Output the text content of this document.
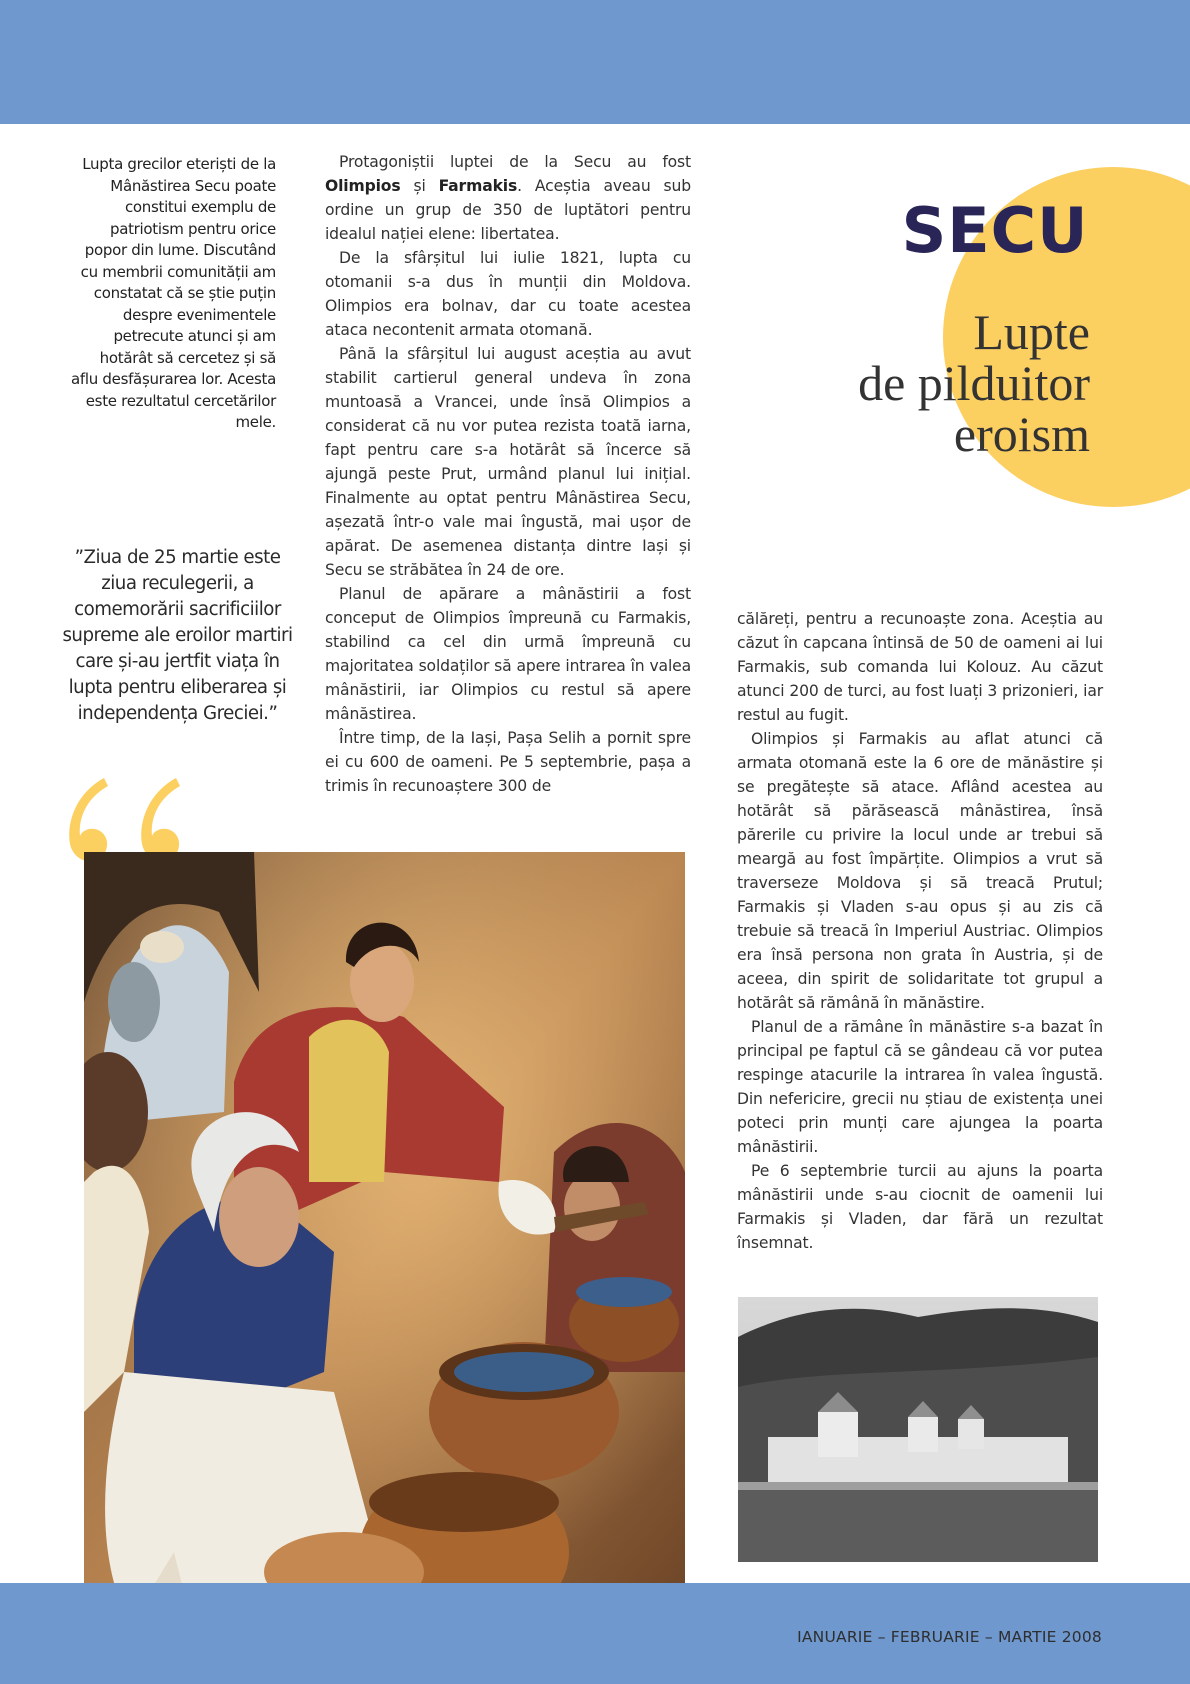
SECU
Lupte
de pilduitor
eroism

Lupta grecilor eteriști de la Mânăstirea Secu poate constitui exemplu de patriotism pentru orice popor din lume. Discutând cu membrii comunității am constatat că se știe puțin despre evenimentele petrecute atunci și am hotărât să cercetez și să aflu desfășurarea lor. Acesta este rezultatul cercetărilor mele.

”Ziua de 25 martie este ziua reculegerii, a comemorării sacrificiilor supreme ale eroilor martiri care și-au jertfit viața în lupta pentru eliberarea și independența Greciei.”

Protagoniștii luptei de la Secu au fost Olimpios și Farmakis. Aceștia aveau sub ordine un grup de 350 de luptători pentru idealul nației elene: libertatea.

De la sfârșitul lui iulie 1821, lupta cu otomanii s-a dus în munții din Moldova. Olimpios era bolnav, dar cu toate acestea ataca necontenit armata otomană.

Până la sfârșitul lui august aceștia au avut stabilit cartierul general undeva în zona muntoasă a Vrancei, unde însă Olimpios a considerat că nu vor putea rezista toată iarna, fapt pentru care s-a hotărât să încerce să ajungă peste Prut, urmând planul lui inițial. Finalmente au optat pentru Mânăstirea Secu, așezată într-o vale mai îngustă, mai ușor de apărat. De asemenea distanța dintre Iași și Secu se străbătea în 24 de ore.

Planul de apărare a mânăstirii a fost conceput de Olimpios împreună cu Farmakis, stabilind ca cel din urmă împreună cu majoritatea soldaților să apere intrarea în valea mânăstirii, iar Olimpios cu restul să apere mânăstirea.

Între timp, de la Iași, Pașa Selih a pornit spre ei cu 600 de oameni. Pe 5 septembrie, pașa a trimis în recunoaștere 300 de

călăreți, pentru a recunoaște zona. Aceștia au căzut în capcana întinsă de 50 de oameni ai lui Farmakis, sub comanda lui Kolouz. Au căzut atunci 200 de turci, au fost luați 3 prizonieri, iar restul au fugit.

Olimpios și Farmakis au aflat atunci că armata otomană este la 6 ore de mănăstire și se pregătește să atace. Aflând acestea au hotărât să părăsească mânăstirea, însă părerile cu privire la locul unde ar trebui să meargă au fost împărțite. Olimpios a vrut să traverseze Moldova și să treacă Prutul; Farmakis și Vladen s-au opus și au zis că trebuie să treacă în Imperiul Austriac. Olimpios era însă persona non grata în Austria, și de aceea, din spirit de solidaritate tot grupul a hotărât să rămână în mănăstire.

Planul de a rămâne în mănăstire s-a bazat în principal pe faptul că se gândeau că vor putea respinge atacurile la intrarea în valea îngustă. Din nefericire, grecii nu știau de existența unei poteci prin munți care ajungea la poarta mânăstirii.

Pe 6 septembrie turcii au ajuns la poarta mânăstirii unde s-au ciocnit de oamenii lui Farmakis și Vladen, dar fără un rezultat însemnat.

IANUARIE – FEBRUARIE – MARTIE 2008
